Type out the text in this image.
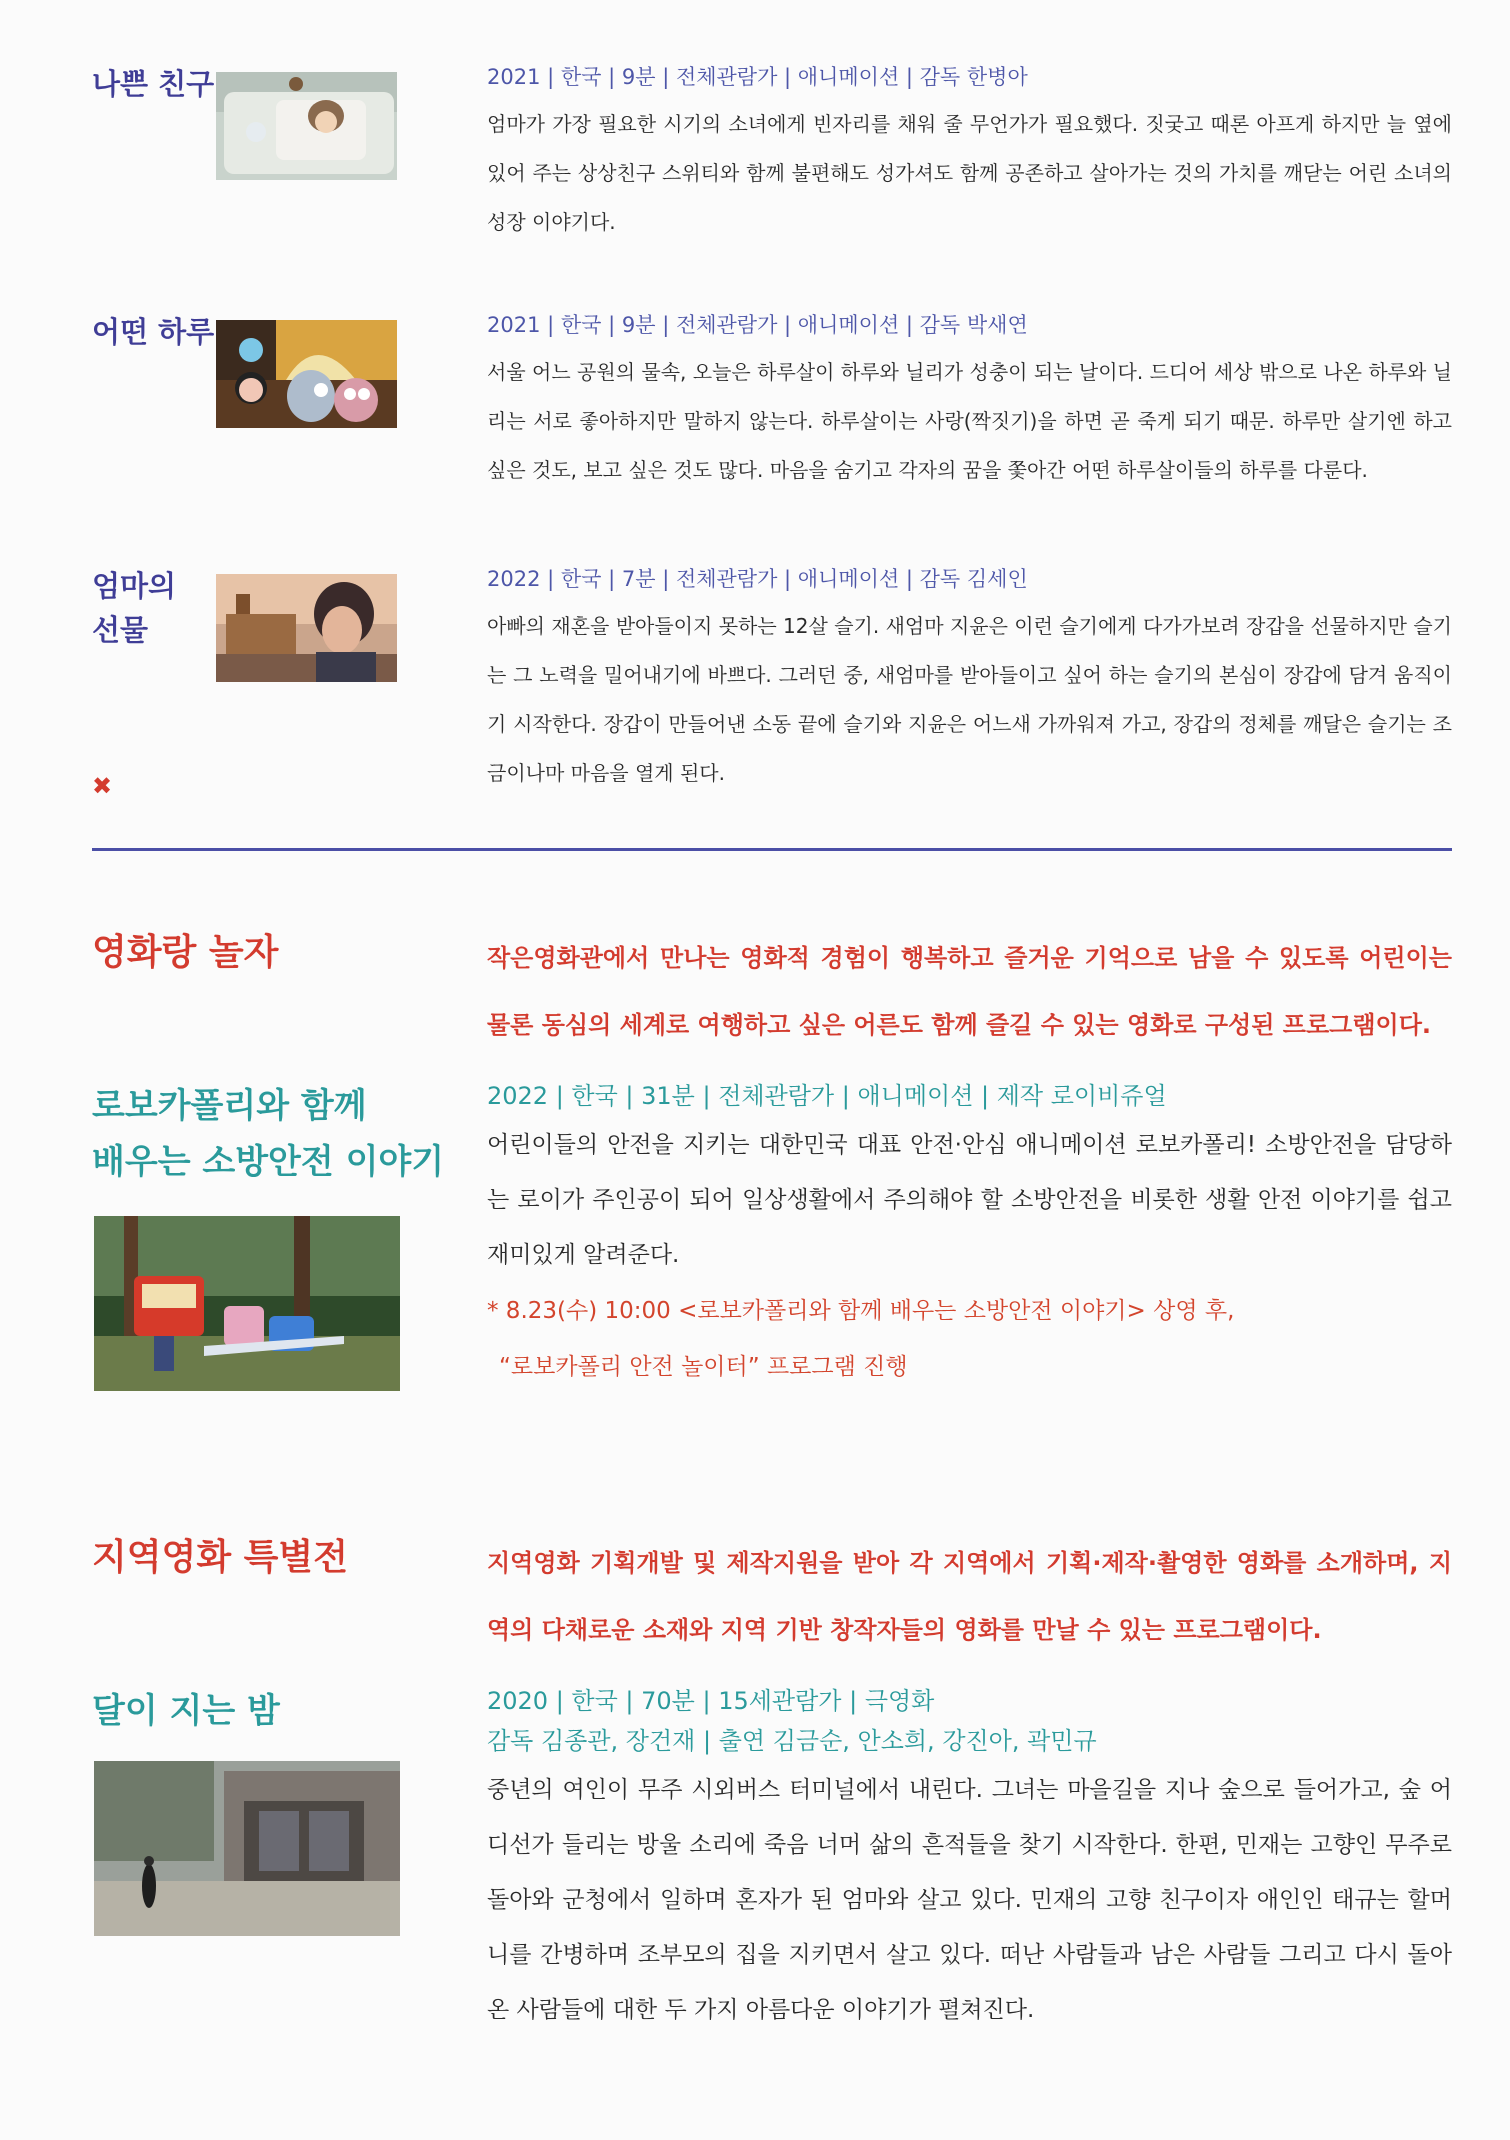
나쁜 친구	2021 | 한국 | 9분 | 전체관람가 | 애니메이션 | 감독 한병아
엄마가 가장 필요한 시기의 소녀에게 빈자리를 채워 줄 무언가가 필요했다. 짓궂고 때론 아프게 하지만 늘 옆에 있어 주는 상상친구 스위티와 함께 불편해도 성가셔도 함께 공존하고 살아가는 것의 가치를 깨닫는 어린 소녀의 성장 이야기다.
어떤 하루	2021 | 한국 | 9분 | 전체관람가 | 애니메이션 | 감독 박새연
서울 어느 공원의 물속, 오늘은 하루살이 하루와 닐리가 성충이 되는 날이다. 드디어 세상 밖으로 나온 하루와 닐리는 서로 좋아하지만 말하지 않는다. 하루살이는 사랑(짝짓기)을 하면 곧 죽게 되기 때문. 하루만 살기엔 하고 싶은 것도, 보고 싶은 것도 많다. 마음을 숨기고 각자의 꿈을 쫓아간 어떤 하루살이들의 하루를 다룬다.
엄마의
선물
2022 | 한국 | 7분 | 전체관람가 | 애니메이션 | 감독 김세인
아빠의 재혼을 받아들이지 못하는 12살 슬기. 새엄마 지윤은 이런 슬기에게 다가가보려 장갑을 선물하지만 슬기는 그 노력을 밀어내기에 바쁘다. 그러던 중, 새엄마를 받아들이고 싶어 하는 슬기의 본심이 장갑에 담겨 움직이기 시작한다. 장갑이 만들어낸 소동 끝에 슬기와 지윤은 어느새 가까워져 가고, 장갑의 정체를 깨달은 슬기는 조금이나마 마음을 열게 된다.
✖
영화랑 놀자	작은영화관에서 만나는 영화적 경험이 행복하고 즐거운 기억으로 남을 수 있도록 어린이는 물론 동심의 세계로 여행하고 싶은 어른도 함께 즐길 수 있는 영화로 구성된 프로그램이다.
로보카폴리와 함께
배우는 소방안전 이야기
2022 | 한국 | 31분 | 전체관람가 | 애니메이션 | 제작 로이비쥬얼
어린이들의 안전을 지키는 대한민국 대표 안전·안심 애니메이션 로보카폴리! 소방안전을 담당하는 로이가 주인공이 되어 일상생활에서 주의해야 할 소방안전을 비롯한 생활 안전 이야기를 쉽고 재미있게 알려준다.
* 8.23(수) 10:00 <로보카폴리와 함께 배우는 소방안전 이야기> 상영 후,
“로보카폴리 안전 놀이터” 프로그램 진행
지역영화 특별전	지역영화 기획개발 및 제작지원을 받아 각 지역에서 기획·제작·촬영한 영화를 소개하며, 지역의 다채로운 소재와 지역 기반 창작자들의 영화를 만날 수 있는 프로그램이다.
달이 지는 밤	2020 | 한국 | 70분 | 15세관람가 | 극영화
감독 김종관, 장건재 | 출연 김금순, 안소희, 강진아, 곽민규
중년의 여인이 무주 시외버스 터미널에서 내린다. 그녀는 마을길을 지나 숲으로 들어가고, 숲 어디선가 들리는 방울 소리에 죽음 너머 삶의 흔적들을 찾기 시작한다. 한편, 민재는 고향인 무주로 돌아와 군청에서 일하며 혼자가 된 엄마와 살고 있다. 민재의 고향 친구이자 애인인 태규는 할머니를 간병하며 조부모의 집을 지키면서 살고 있다. 떠난 사람들과 남은 사람들 그리고 다시 돌아온 사람들에 대한 두 가지 아름다운 이야기가 펼쳐진다.
